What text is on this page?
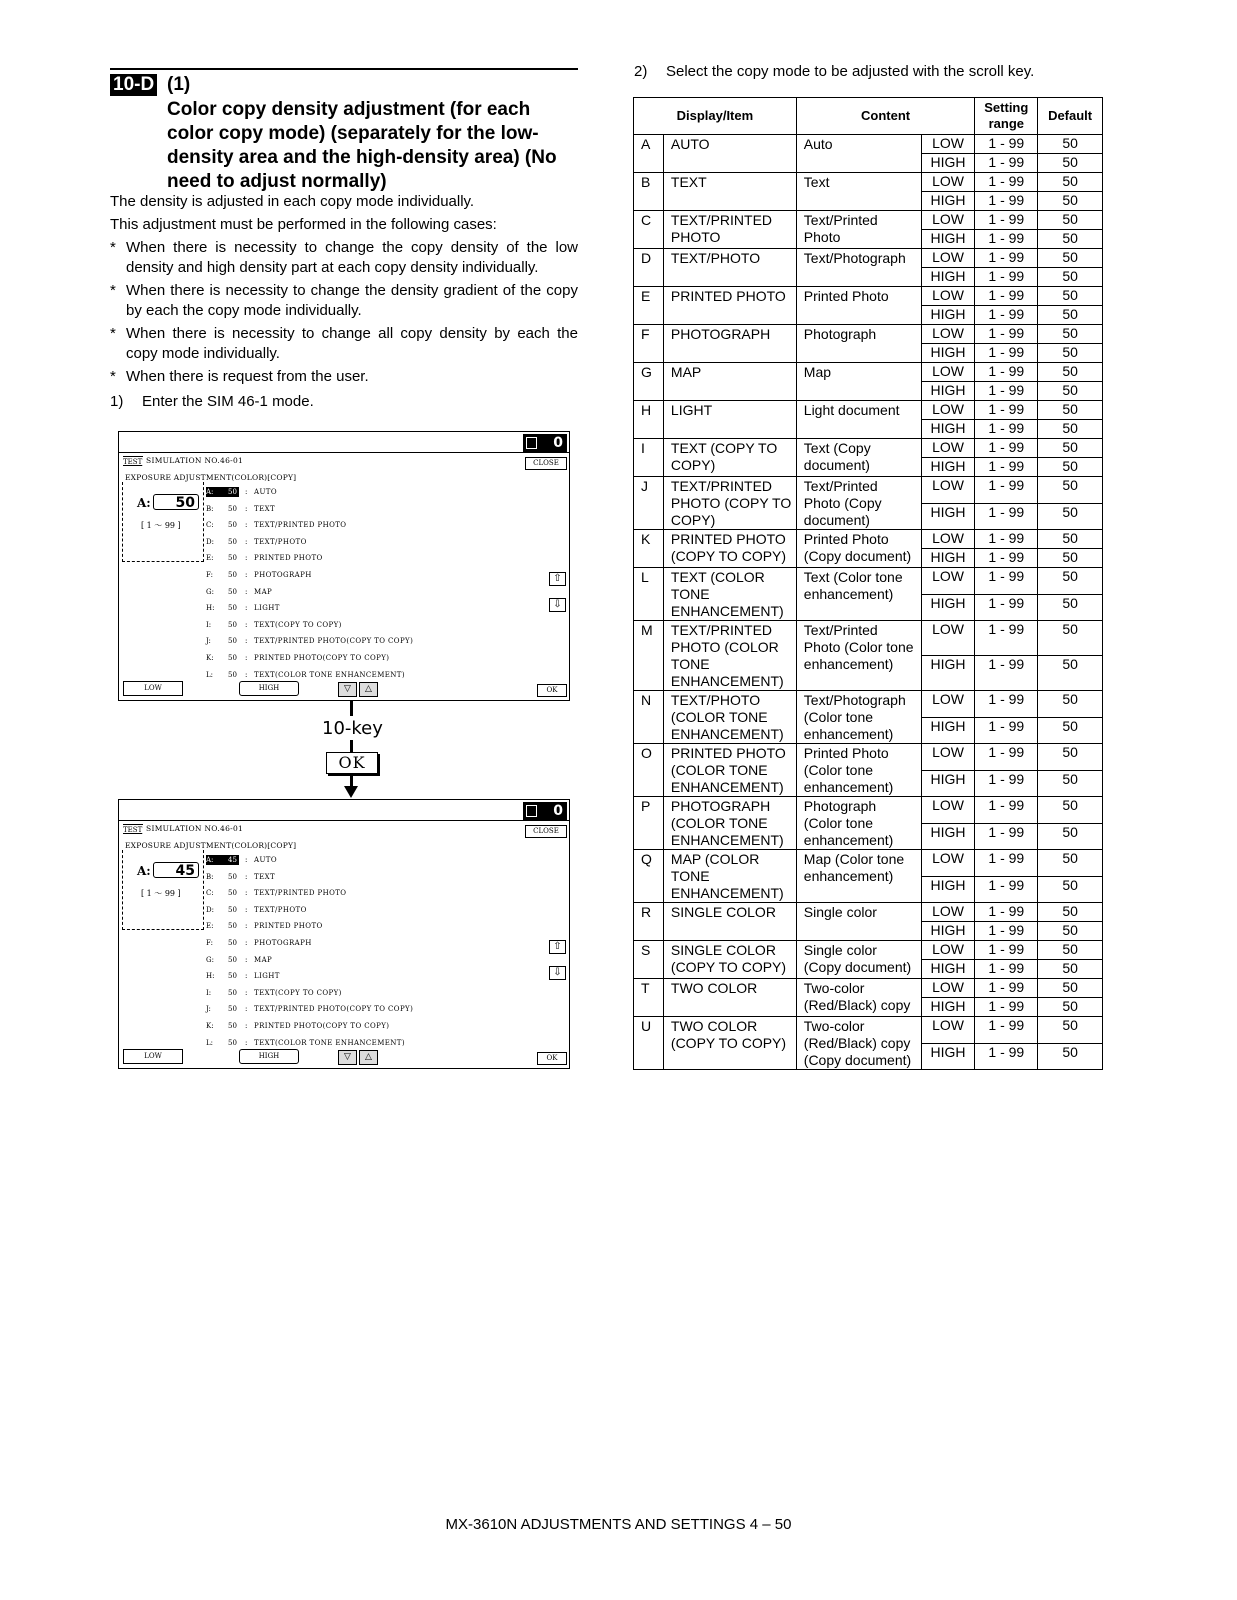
10-D (1)
Color copy density adjustment (for each color copy mode) (separately for the low-density area and the high-density area) (No need to adjust normally)

The density is adjusted in each copy mode individually.

This adjustment must be performed in the following cases:

* When there is necessity to change the copy density of the low density and high density part at each copy density individually.
* When there is necessity to change the density gradient of the copy by each the copy mode individually.
* When there is necessity to change all copy density by each the copy mode individually.
* When there is request from the user.
1) Enter the SIM 46-1 mode.
0
TEST SIMULATION NO.46-01	CLOSE
EXPOSURE ADJUSTMENT(COLOR)[COPY]
A:	50
[ 1 ～ 99 ]
A:	50	: AUTO
B:	50	: TEXT
C:	50	: TEXT/PRINTED PHOTO
D: 50	: TEXT/PHOTO
E:	50	: PRINTED PHOTO
F:	50	: PHOTOGRAPH
G: 50	: MAP
H: 50	: LIGHT
I:	50	: TEXT(COPY TO COPY)
J:	50	: TEXT/PRINTED PHOTO(COPY TO COPY)
K:	50	: PRINTED PHOTO(COPY TO COPY)
L:	50	: TEXT(COLOR TONE ENHANCEMENT)
⇧
⇩
LOW	HIGH	▽	△	OK
10-key
OK
0
TEST SIMULATION NO.46-01	CLOSE
EXPOSURE ADJUSTMENT(COLOR)[COPY]
A:	45
[ 1 ～ 99 ]
A:	45	: AUTO
B:	50	: TEXT
C:	50	: TEXT/PRINTED PHOTO
D: 50	: TEXT/PHOTO
E:	50	: PRINTED PHOTO
F:	50	: PHOTOGRAPH
G: 50	: MAP
H: 50	: LIGHT
I:	50	: TEXT(COPY TO COPY)
J:	50	: TEXT/PRINTED PHOTO(COPY TO COPY)
K:	50	: PRINTED PHOTO(COPY TO COPY)
L:	50	: TEXT(COLOR TONE ENHANCEMENT)
⇧
⇩
LOW	HIGH	▽	△	OK
2) Select the copy mode to be adjusted with the scroll key.
Display/Item		Content		Setting range	Default
A	AUTO	Auto	LOW	1 - 99	50
			HIGH	1 - 99	50
B	TEXT	Text	LOW	1 - 99	50
			HIGH	1 - 99	50
C	TEXT/PRINTED PHOTO	Text/Printed Photo	LOW	1 - 99	50
			HIGH	1 - 99	50
D	TEXT/PHOTO	Text/Photograph	LOW	1 - 99	50
			HIGH	1 - 99	50
E	PRINTED PHOTO	Printed Photo	LOW	1 - 99	50
			HIGH	1 - 99	50
F	PHOTOGRAPH	Photograph	LOW	1 - 99	50
			HIGH	1 - 99	50
G	MAP	Map	LOW	1 - 99	50
			HIGH	1 - 99	50
H	LIGHT	Light document	LOW	1 - 99	50
			HIGH	1 - 99	50
I	TEXT (COPY TO COPY)	Text (Copy document)	LOW	1 - 99	50
			HIGH	1 - 99	50
J	TEXT/PRINTED PHOTO (COPY TO COPY)	Text/Printed Photo (Copy document)	LOW	1 - 99	50
			HIGH	1 - 99	50
K	PRINTED PHOTO (COPY TO COPY)	Printed Photo (Copy document)	LOW	1 - 99	50
			HIGH	1 - 99	50
L	TEXT (COLOR TONE ENHANCEMENT)	Text (Color tone enhancement)	LOW	1 - 99	50
			HIGH	1 - 99	50
M	TEXT/PRINTED PHOTO (COLOR TONE ENHANCEMENT)	Text/Printed Photo (Color tone enhancement)	LOW	1 - 99	50
			HIGH	1 - 99	50
N	TEXT/PHOTO (COLOR TONE ENHANCEMENT)	Text/Photograph (Color tone enhancement)	LOW	1 - 99	50
			HIGH	1 - 99	50
O	PRINTED PHOTO (COLOR TONE ENHANCEMENT)	Printed Photo (Color tone enhancement)	LOW	1 - 99	50
			HIGH	1 - 99	50
P	PHOTOGRAPH (COLOR TONE ENHANCEMENT)	Photograph (Color tone enhancement)	LOW	1 - 99	50
			HIGH	1 - 99	50
Q	MAP (COLOR TONE ENHANCEMENT)	Map (Color tone enhancement)	LOW	1 - 99	50
			HIGH	1 - 99	50
R	SINGLE COLOR	Single color	LOW	1 - 99	50
			HIGH	1 - 99	50
S	SINGLE COLOR (COPY TO COPY)	Single color (Copy document)	LOW	1 - 99	50
			HIGH	1 - 99	50
T	TWO COLOR	Two-color (Red/Black) copy	LOW	1 - 99	50
			HIGH	1 - 99	50
U	TWO COLOR (COPY TO COPY)	Two-color (Red/Black) copy (Copy document)	LOW	1 - 99	50
			HIGH	1 - 99	50
MX-3610N ADJUSTMENTS AND SETTINGS 4 – 50
